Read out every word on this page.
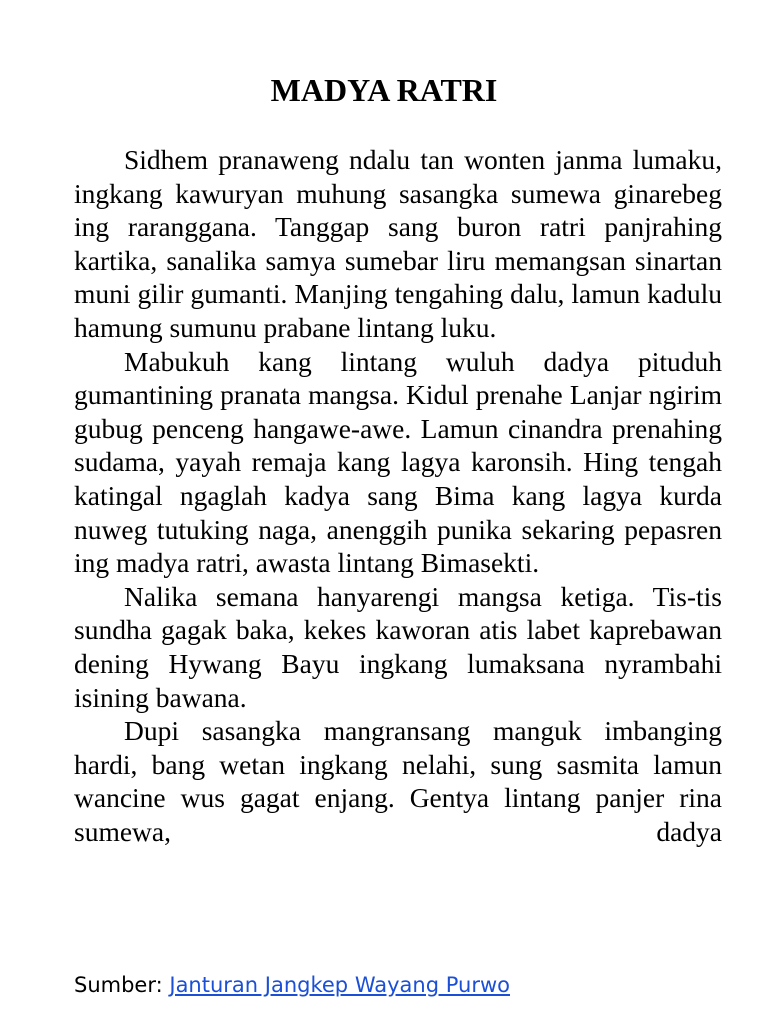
MADYA RATRI

Sidhem pranaweng ndalu tan wonten janma lumaku, ingkang kawuryan muhung sasangka sumewa ginarebeg ing raranggana. Tanggap sang buron ratri panjrahing kartika, sanalika samya sumebar liru memangsan sinartan muni gilir gumanti. Manjing tengahing dalu, lamun kadulu hamung sumunu prabane lintang luku.

Mabukuh kang lintang wuluh dadya pituduh gumantining pranata mangsa. Kidul prenahe Lanjar ngirim gubug penceng hangawe-awe. Lamun cinandra prenahing sudama, yayah remaja kang lagya karonsih. Hing tengah katingal ngaglah kadya sang Bima kang lagya kurda nuweg tutuking naga, anenggih punika sekaring pepasren ing madya ratri, awasta lintang Bimasekti.

Nalika semana hanyarengi mangsa ketiga. Tis-tis sundha gagak baka, kekes kaworan atis labet kaprebawan dening Hywang Bayu ingkang lumaksana nyrambahi isining bawana.

Dupi sasangka mangransang manguk imbanging hardi, bang wetan ingkang nelahi, sung sasmita lamun wancine wus gagat enjang. Gentya lintang panjer rina sumewa, dadya

Sumber: Janturan Jangkep Wayang Purwo
